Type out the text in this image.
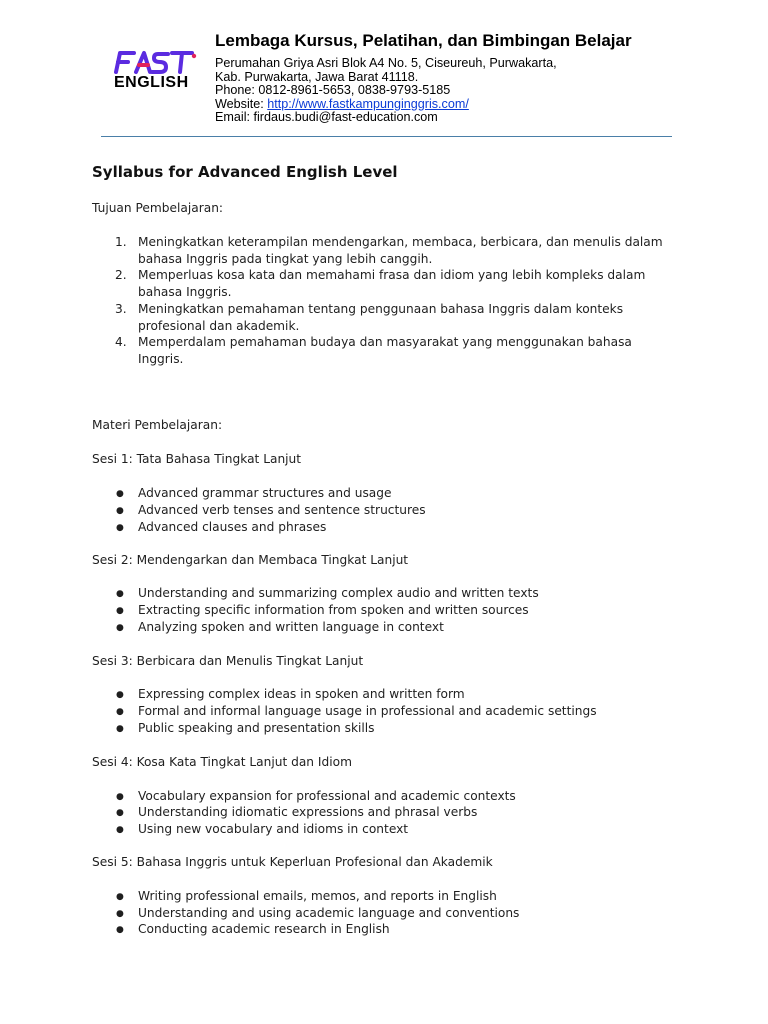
ENGLISH
Lembaga Kursus, Pelatihan, dan Bimbingan Belajar
Perumahan Griya Asri Blok A4 No. 5, Ciseureuh, Purwakarta,
Kab. Purwakarta, Jawa Barat 41118.
Phone: 0812-8961-5653, 0838-9793-5185
Website: http://www.fastkampunginggris.com/
Email: firdaus.budi@fast-education.com
Syllabus for Advanced English Level
Tujuan Pembelajaran:
1. Meningkatkan keterampilan mendengarkan, membaca, berbicara, dan menulis dalam bahasa Inggris pada tingkat yang lebih canggih.
2. Memperluas kosa kata dan memahami frasa dan idiom yang lebih kompleks dalam bahasa Inggris.
3. Meningkatkan pemahaman tentang penggunaan bahasa Inggris dalam konteks profesional dan akademik.
4. Memperdalam pemahaman budaya dan masyarakat yang menggunakan bahasa Inggris.
Materi Pembelajaran:
Sesi 1: Tata Bahasa Tingkat Lanjut
● Advanced grammar structures and usage
● Advanced verb tenses and sentence structures
● Advanced clauses and phrases
Sesi 2: Mendengarkan dan Membaca Tingkat Lanjut
● Understanding and summarizing complex audio and written texts
● Extracting specific information from spoken and written sources
● Analyzing spoken and written language in context
Sesi 3: Berbicara dan Menulis Tingkat Lanjut
● Expressing complex ideas in spoken and written form
● Formal and informal language usage in professional and academic settings
● Public speaking and presentation skills
Sesi 4: Kosa Kata Tingkat Lanjut dan Idiom
● Vocabulary expansion for professional and academic contexts
● Understanding idiomatic expressions and phrasal verbs
● Using new vocabulary and idioms in context
Sesi 5: Bahasa Inggris untuk Keperluan Profesional dan Akademik
● Writing professional emails, memos, and reports in English
● Understanding and using academic language and conventions
● Conducting academic research in English
